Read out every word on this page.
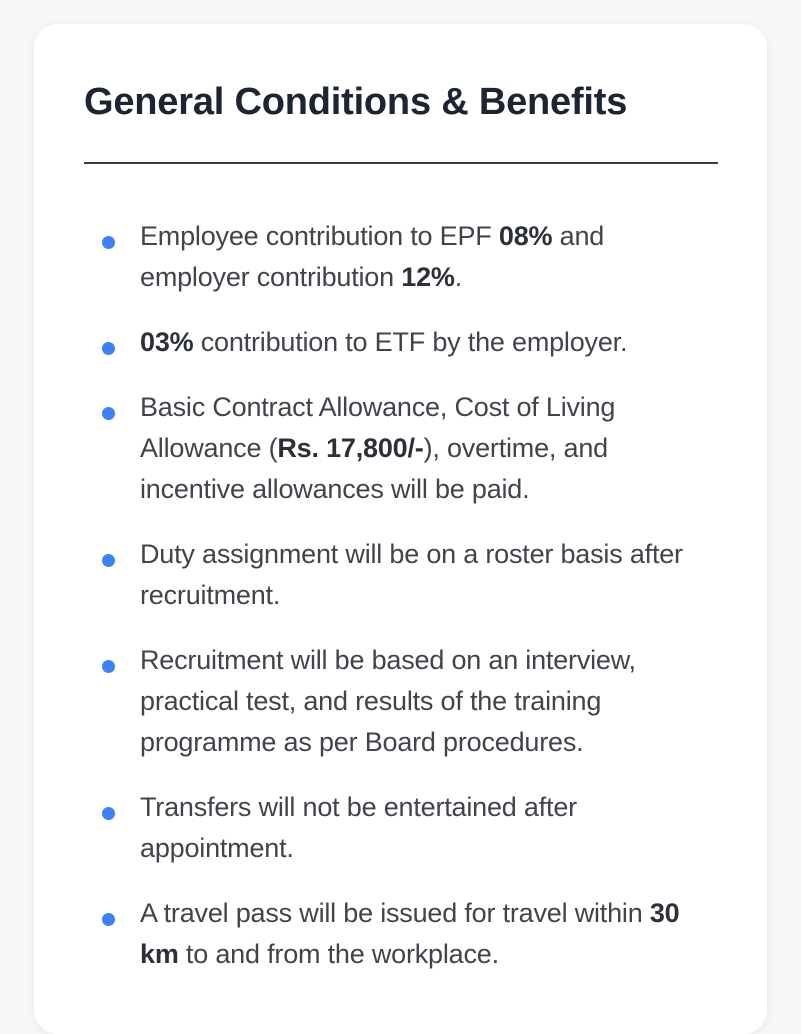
General Conditions & Benefits
Employee contribution to EPF 08% and employer contribution 12%.
03% contribution to ETF by the employer.
Basic Contract Allowance, Cost of Living Allowance (Rs. 17,800/-), overtime, and incentive allowances will be paid.
Duty assignment will be on a roster basis after recruitment.
Recruitment will be based on an interview, practical test, and results of the training programme as per Board procedures.
Transfers will not be entertained after appointment.
A travel pass will be issued for travel within 30 km to and from the workplace.
